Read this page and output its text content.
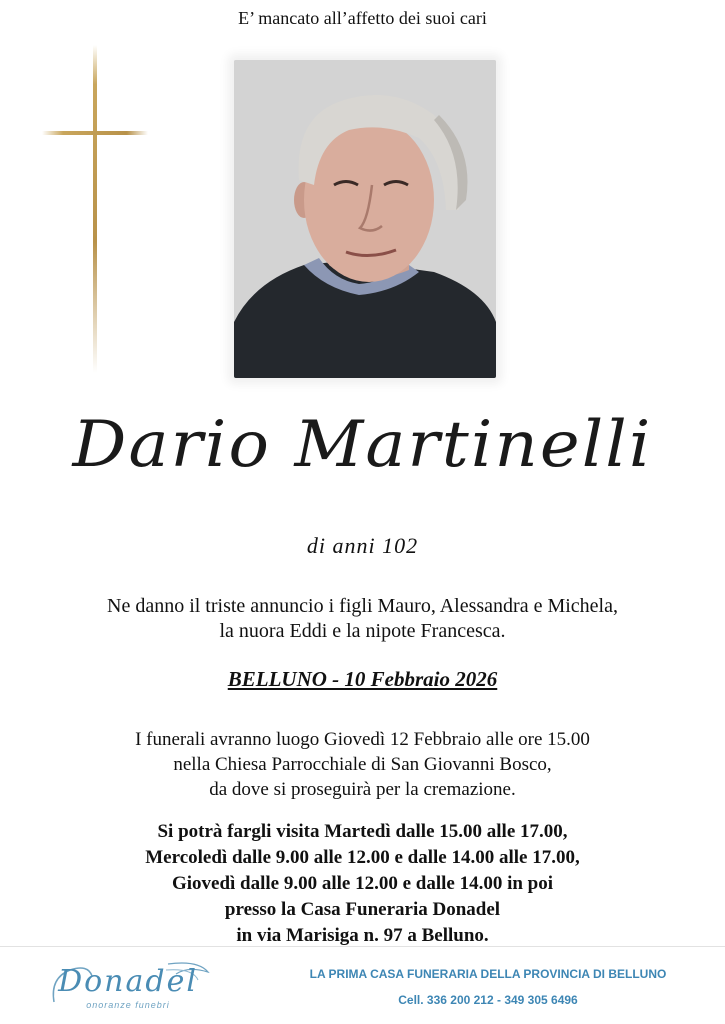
E’ mancato all’affetto dei suoi cari
Dario Martinelli
di anni 102
Ne danno il triste annuncio i figli Mauro, Alessandra e Michela,
la nuora Eddi e la nipote Francesca.
BELLUNO - 10 Febbraio 2026
I funerali avranno luogo Giovedì 12 Febbraio alle ore 15.00
nella Chiesa Parrocchiale di San Giovanni Bosco,
da dove si proseguirà per la cremazione.
Si potrà fargli visita Martedì dalle 15.00 alle 17.00,
Mercoledì dalle 9.00 alle 12.00 e dalle 14.00 alle 17.00,
Giovedì dalle 9.00 alle 12.00 e dalle 14.00 in poi
presso la Casa Funeraria Donadel
in via Marisiga n. 97 a Belluno.
Donadel
onoranze funebri
LA PRIMA CASA FUNERARIA DELLA PROVINCIA DI BELLUNO
Cell. 336 200 212 - 349 305 6496
